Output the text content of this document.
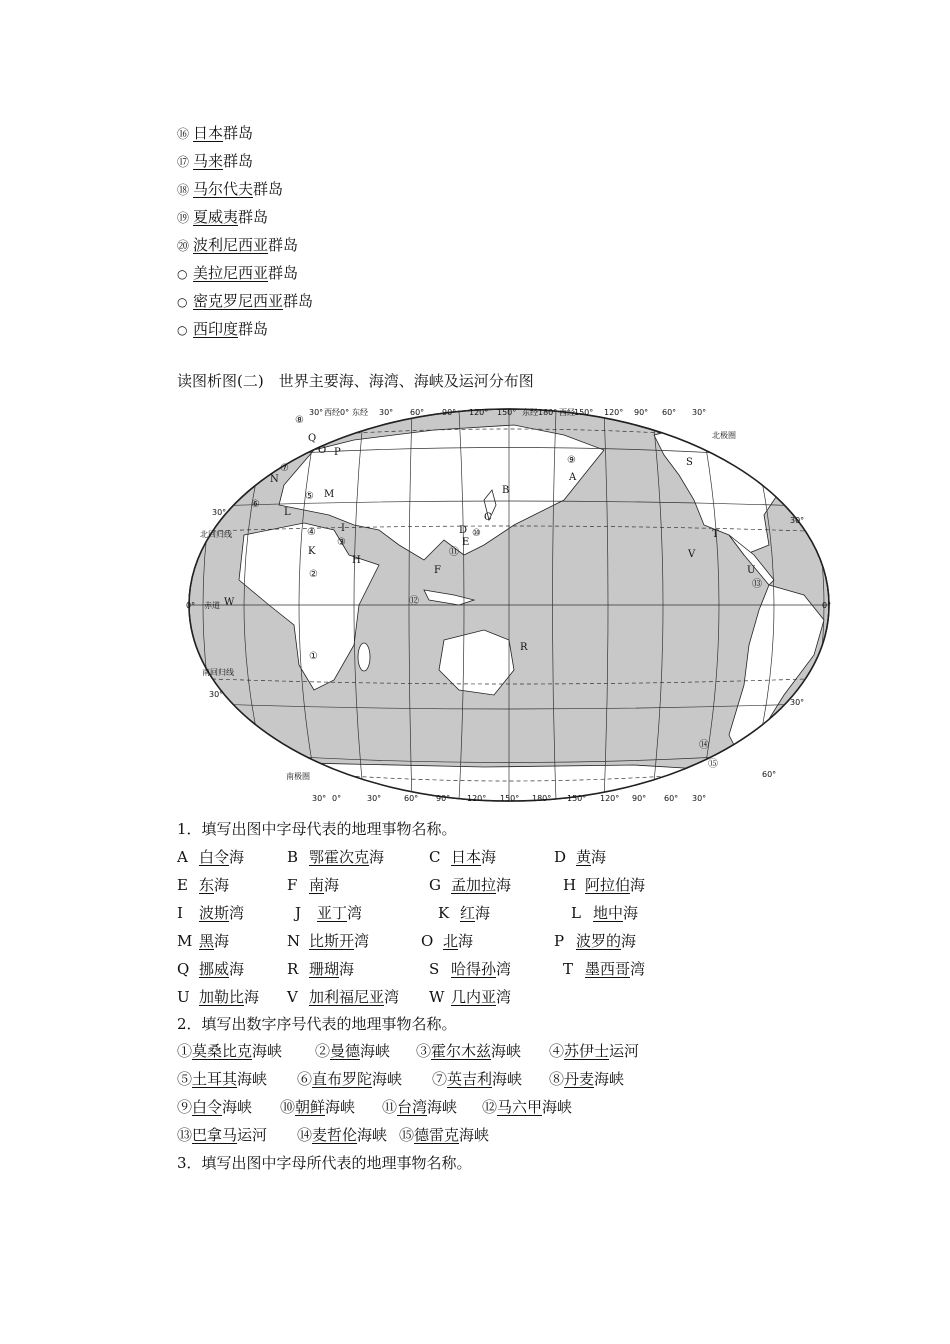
⑯ 日本群岛
⑰ 马来群岛
⑱ 马尔代夫群岛
⑲ 夏威夷群岛
⑳ 波利尼西亚群岛
○ 美拉尼西亚群岛
○ 密克罗尼西亚群岛
○ 西印度群岛
读图析图(二)　世界主要海、海湾、海峡及运河分布图
30° 西经0° 东经 30° 60° 90° 120° 150° 东经180° 西经 150° 120° 90° 60° 30°
30° 0°	30°	60° 90° 120° 150° 180° 150° 120° 90° 60° 30°
北极圈
北回归线
赤道
南回归线
南极圈
30°
30°
30°
30°
0°	0°
60°
A
B
C
D
E
F
H
I
K
L
M
N
O P
Q
R
S
T
U
V
W
①
②
③
④
⑤
⑥
⑦
⑧
⑨
⑩
⑪
⑫
⑬
⑭
⑮
1．填写出图中字母代表的地理事物名称。
A 白令海	B 鄂霍次克海	C 日本海	D 黄海
E 东海	F 南海	G 孟加拉海	H 阿拉伯海
I 波斯湾	J 亚丁湾	K 红海	L 地中海
M 黑海	N 比斯开湾	O 北海	P 波罗的海
Q 挪威海	R 珊瑚海	S 哈得孙湾	T 墨西哥湾
U 加勒比海 V 加利福尼亚湾 W 几内亚湾
2．填写出数字序号代表的地理事物名称。
①莫桑比克海峡 ②曼德海峡 ③霍尔木兹海峡 ④苏伊士运河
⑤土耳其海峡 ⑥直布罗陀海峡 ⑦英吉利海峡 ⑧丹麦海峡
⑨白令海峡 ⑩朝鲜海峡 ⑪台湾海峡 ⑫马六甲海峡
⑬巴拿马运河 ⑭麦哲伦海峡 ⑮德雷克海峡
3．填写出图中字母所代表的地理事物名称。
